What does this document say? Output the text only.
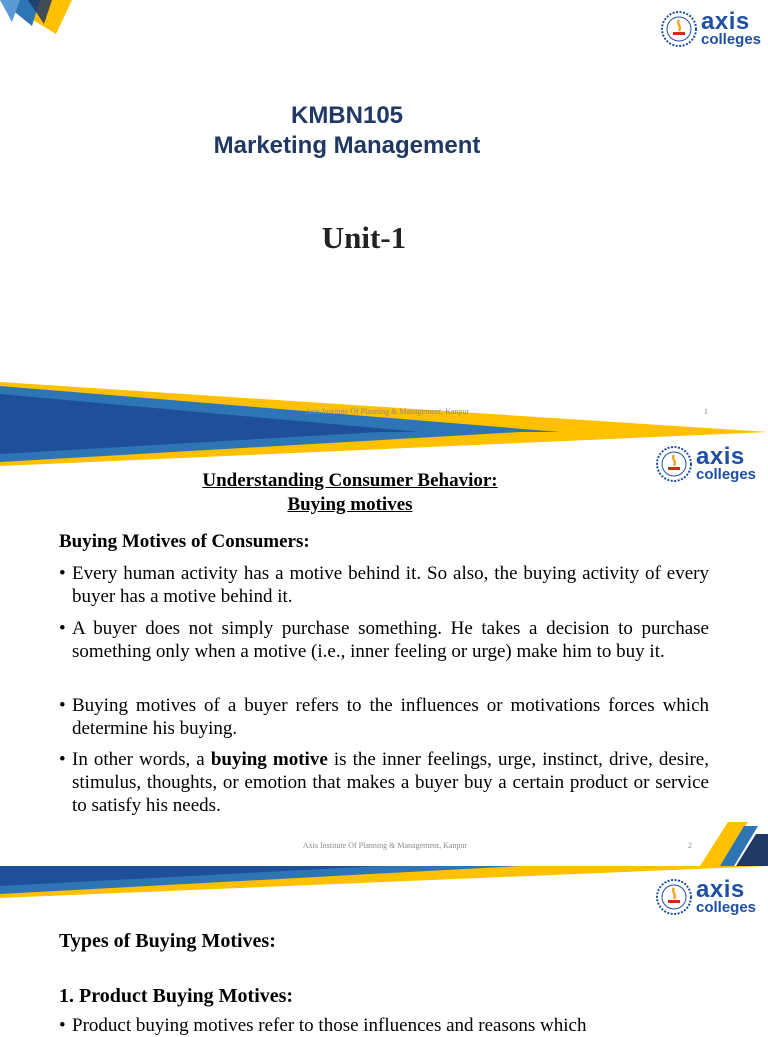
axis
colleges
KMBN105
Marketing Management
Unit-1
Axis Institute Of Planning & Management, Kanpur	1
axis
colleges
Understanding Consumer Behavior:
Buying motives
Buying Motives of Consumers:
• Every human activity has a motive behind it. So also, the buying activity of every buyer has a motive behind it.
• A buyer does not simply purchase something. He takes a decision to purchase something only when a motive (i.e., inner feeling or urge) make him to buy it.
• Buying motives of a buyer refers to the influences or motivations forces which determine his buying.
• In other words, a buying motive is the inner feelings, urge, instinct, drive, desire, stimulus, thoughts, or emotion that makes a buyer buy a certain product or service to satisfy his needs.
Axis Institute Of Planning & Management, Kanpur	2
axis
colleges
Types of Buying Motives:
1. Product Buying Motives:
• Product buying motives refer to those influences and reasons which
